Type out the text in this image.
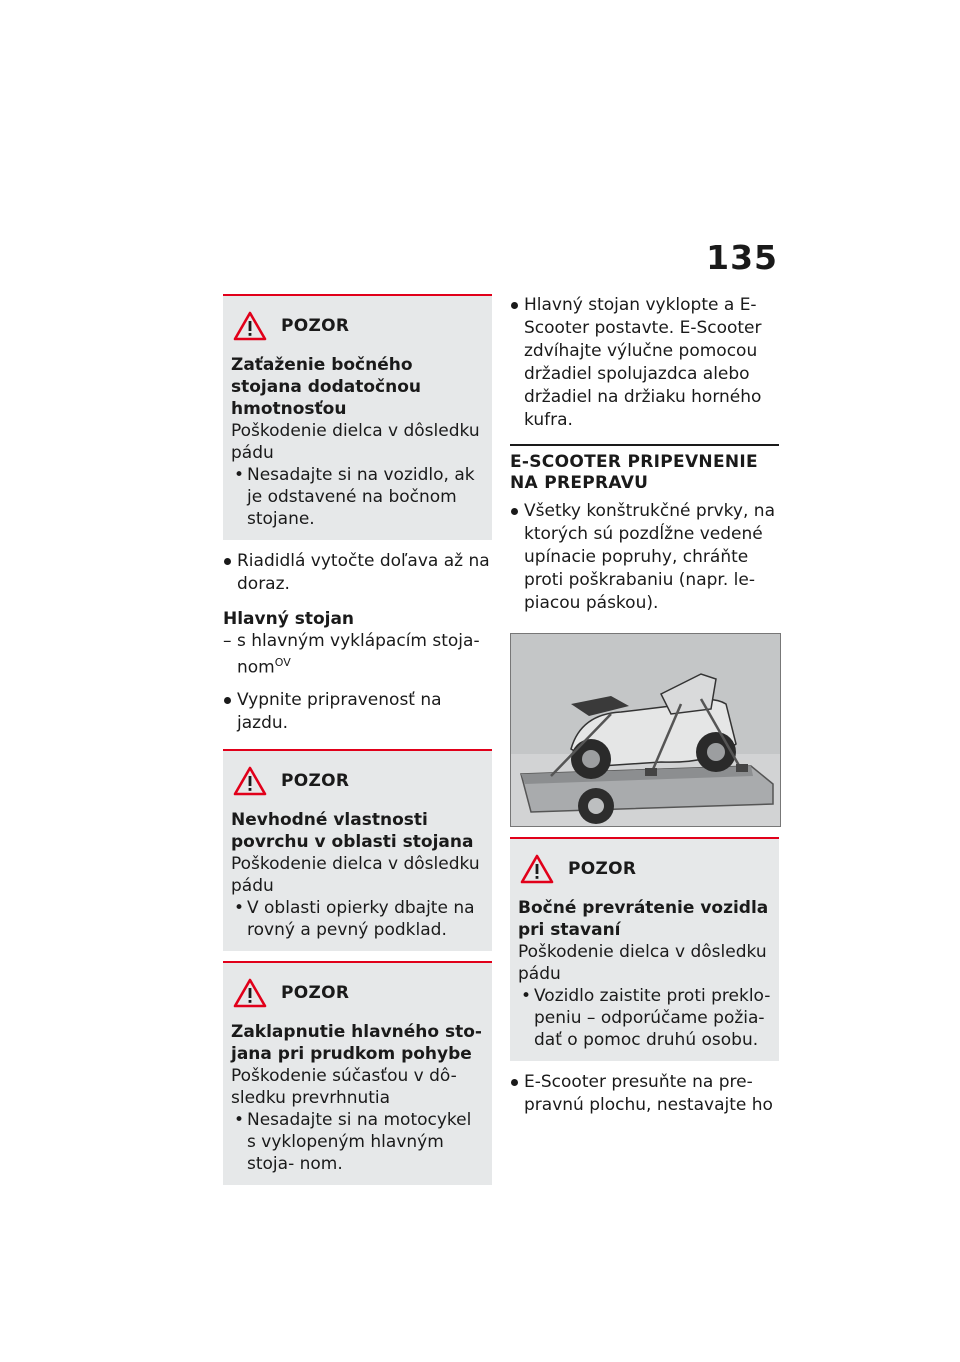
135
POZOR
Zaťaženie bočného stojana dodatočnou hmotnosťou
Poškodenie dielca v dôsledku pádu
• Nesadajte si na vozidlo, ak je odstavené na bočnom stojane.
Riadidlá vytočte doľava až na doraz.
Hlavný stojan
– s hlavným vyklápacím stoja- nom$^{OV}$
Vypnite pripravenosť na jazdu.
POZOR
Nevhodné vlastnosti povrchu v oblasti stojana
Poškodenie dielca v dôsledku pádu
• V oblasti opierky dbajte na rovný a pevný podklad.
POZOR
Zaklapnutie hlavného sto- jana pri prudkom pohybe
Poškodenie súčasťou v dô- sledku prevrhnutia
• Nesadajte si na motocykel s vyklopeným hlavným stoja- nom.
Hlavný stojan vyklopte a E- Scooter postavte. E-Scooter zdvíhajte výlučne pomocou držadiel spolujazdca alebo držadiel na držiaku horného kufra.
E-SCOOTER PRIPEVNENIE NA PREPRAVU
Všetky konštrukčné prvky, na ktorých sú pozdĺžne vedené upínacie popruhy, chráňte proti poškrabaniu (napr. le- piacou páskou).
POZOR
Bočné prevrátenie vozidla pri stavaní
Poškodenie dielca v dôsledku pádu
• Vozidlo zaistite proti preklo- peniu – odporúčame požia- dať o pomoc druhú osobu.
E-Scooter presuňte na pre- pravnú plochu, nestavajte ho
